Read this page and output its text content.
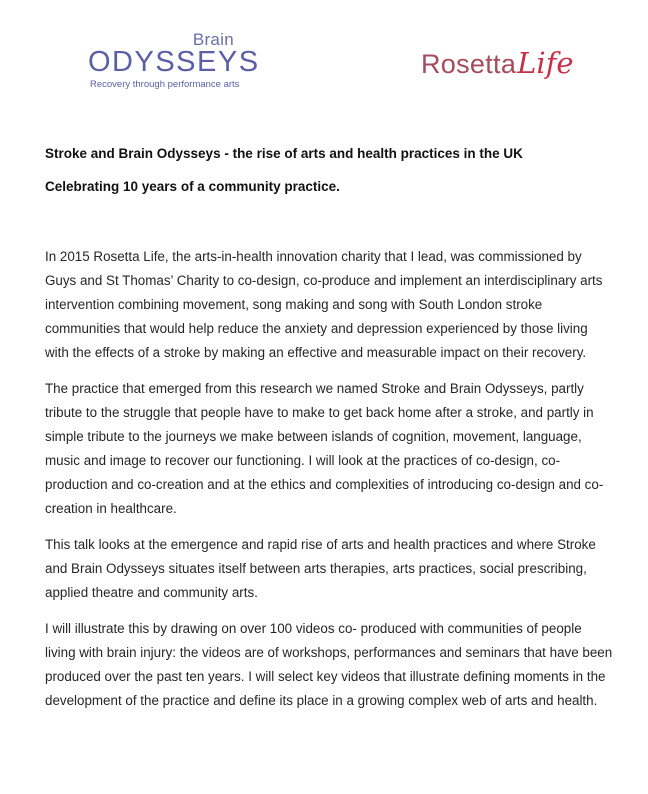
Brain
ODYSSEYS
Recovery through performance arts
RosettaLife
Stroke and Brain Odysseys - the rise of arts and health practices in the UK
Celebrating 10 years of a community practice.

In 2015 Rosetta Life, the arts-in-health innovation charity that I lead, was commissioned by Guys and St Thomas’ Charity to co-design, co-produce and implement an interdisciplinary arts intervention combining movement, song making and song with South London stroke communities that would help reduce the anxiety and depression experienced by those living with the effects of a stroke by making an effective and measurable impact on their recovery.

The practice that emerged from this research we named Stroke and Brain Odysseys, partly tribute to the struggle that people have to make to get back home after a stroke, and partly in simple tribute to the journeys we make between islands of cognition, movement, language, music and image to recover our functioning. I will look at the practices of co-design, co-production and co-creation and at the ethics and complexities of introducing co-design and co-creation in healthcare.

This talk looks at the emergence and rapid rise of arts and health practices and where Stroke and Brain Odysseys situates itself between arts therapies, arts practices, social prescribing, applied theatre and community arts.

I will illustrate this by drawing on over 100 videos co- produced with communities of people living with brain injury: the videos are of workshops, performances and seminars that have been produced over the past ten years. I will select key videos that illustrate defining moments in the development of the practice and define its place in a growing complex web of arts and health.
